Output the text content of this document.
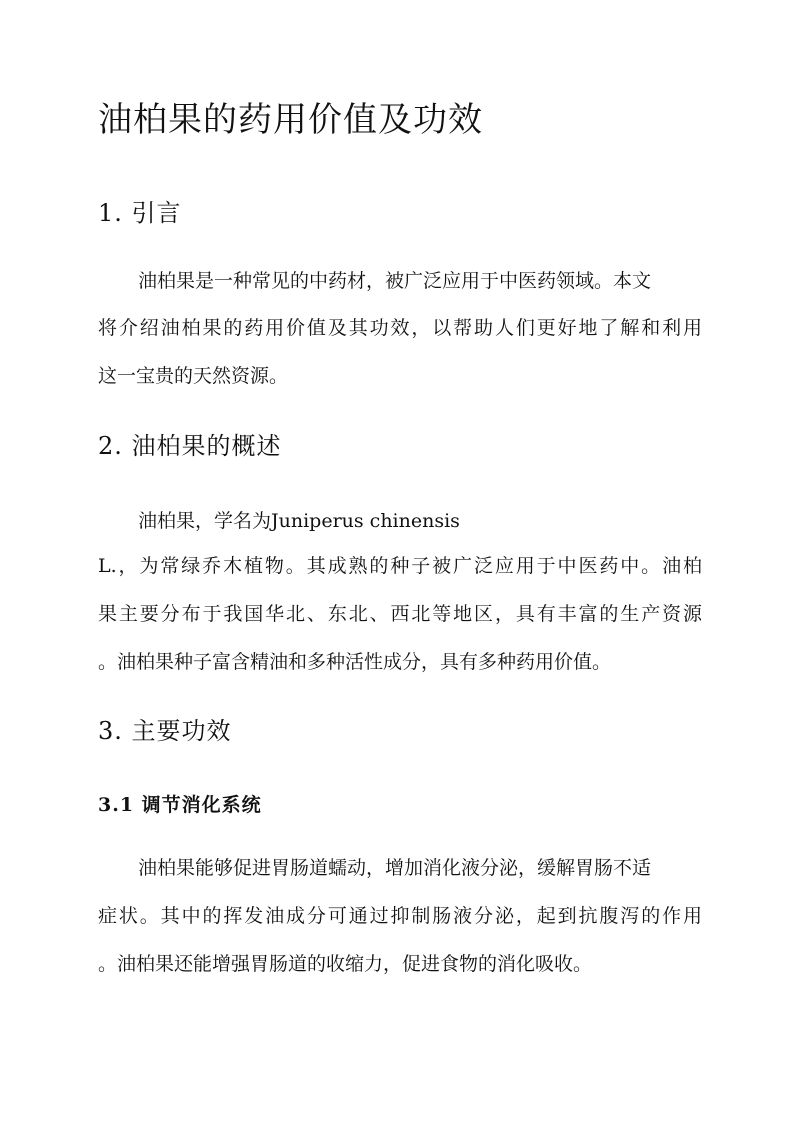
油柏果的药用价值及功效
1. 引言
油柏果是一种常见的中药材，被广泛应用于中医药领域。本文
将介绍油柏果的药用价值及其功效，以帮助人们更好地了解和利用
这一宝贵的天然资源。
2. 油柏果的概述
油柏果，学名为Juniperus chinensis
L.，为常绿乔木植物。其成熟的种子被广泛应用于中医药中。油柏
果主要分布于我国华北、东北、西北等地区，具有丰富的生产资源
。油柏果种子富含精油和多种活性成分，具有多种药用价值。
3. 主要功效
3.1 调节消化系统
油柏果能够促进胃肠道蠕动，增加消化液分泌，缓解胃肠不适
症状。其中的挥发油成分可通过抑制肠液分泌，起到抗腹泻的作用
。油柏果还能增强胃肠道的收缩力，促进食物的消化吸收。
